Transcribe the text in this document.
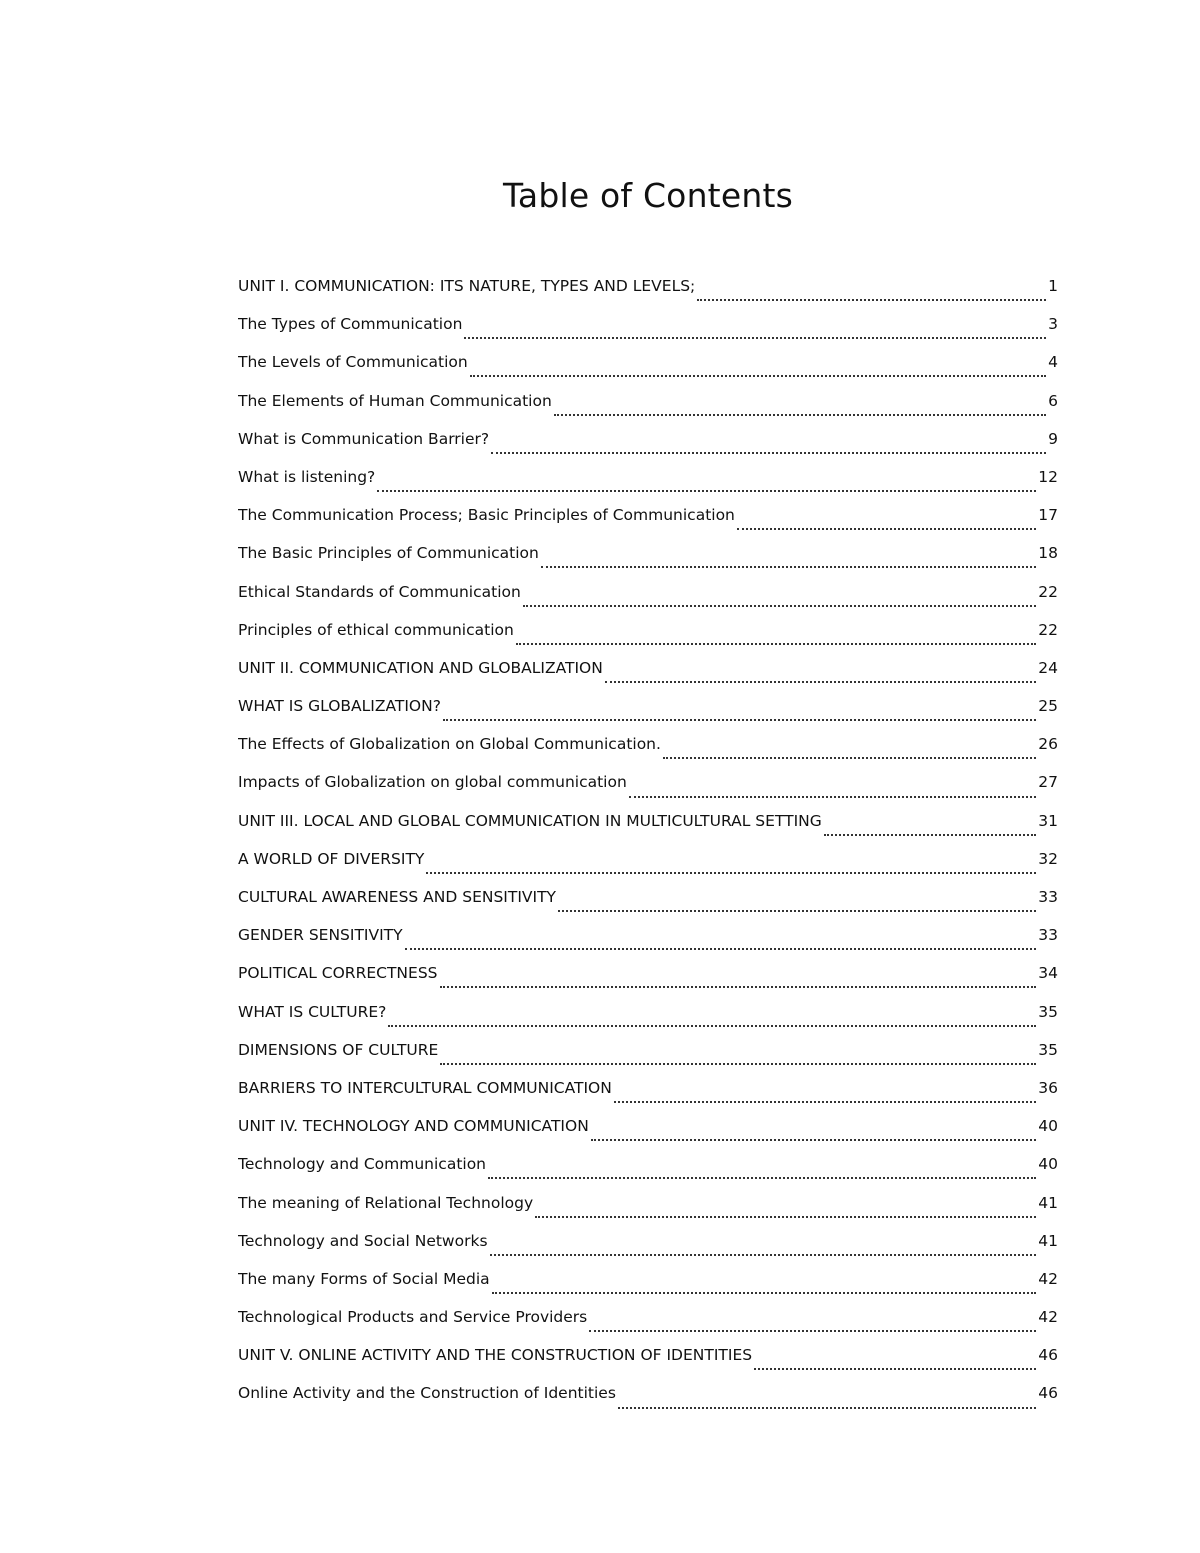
Table of Contents
UNIT I. COMMUNICATION: ITS NATURE, TYPES AND LEVELS;	1
The Types of Communication	3
The Levels of Communication	4
The Elements of Human Communication	6
What is Communication Barrier?	9
What is listening?	12
The Communication Process; Basic Principles of Communication	17
The Basic Principles of Communication	18
Ethical Standards of Communication	22
Principles of ethical communication	22
UNIT II. COMMUNICATION AND GLOBALIZATION	24
WHAT IS GLOBALIZATION?	25
The Effects of Globalization on Global Communication.	26
Impacts of Globalization on global communication	27
UNIT III. LOCAL AND GLOBAL COMMUNICATION IN MULTICULTURAL SETTING	31
A WORLD OF DIVERSITY	32
CULTURAL AWARENESS AND SENSITIVITY	33
GENDER SENSITIVITY	33
POLITICAL CORRECTNESS	34
WHAT IS CULTURE?	35
DIMENSIONS OF CULTURE	35
BARRIERS TO INTERCULTURAL COMMUNICATION	36
UNIT IV. TECHNOLOGY AND COMMUNICATION	40
Technology and Communication	40
The meaning of Relational Technology	41
Technology and Social Networks	41
The many Forms of Social Media	42
Technological Products and Service Providers	42
UNIT V. ONLINE ACTIVITY AND THE CONSTRUCTION OF IDENTITIES	46
Online Activity and the Construction of Identities	46
